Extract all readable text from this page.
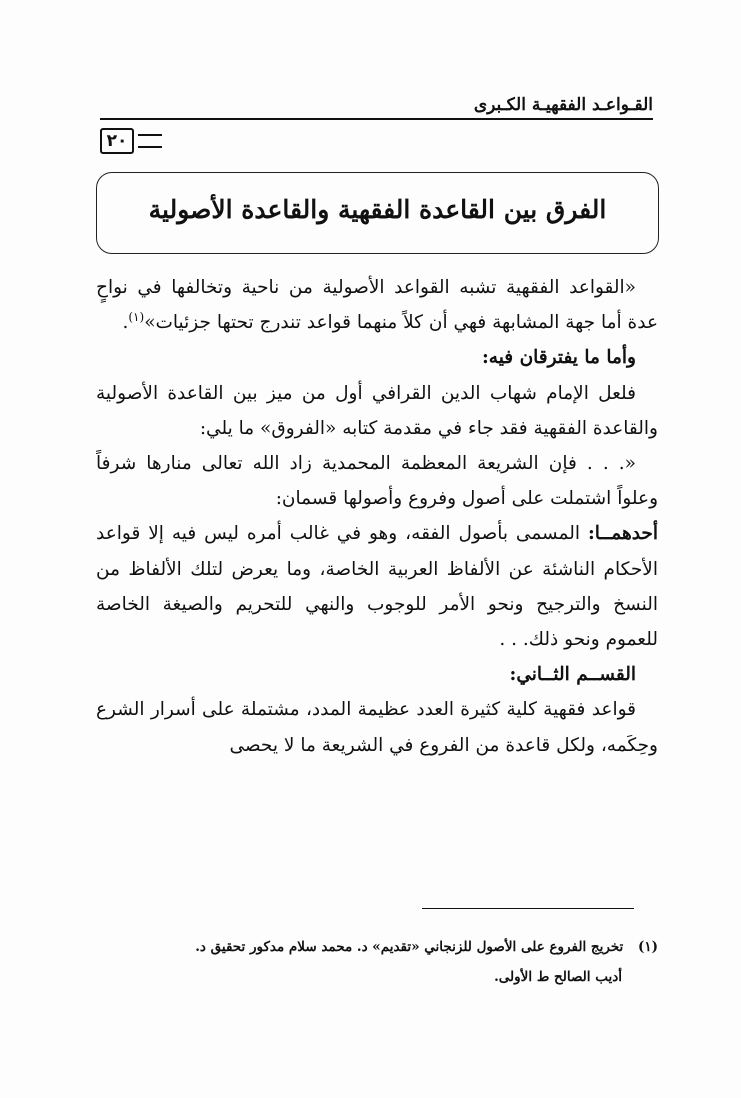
القـواعـد الفقهيـة الكـبرى
٢٠
الفرق بين القاعدة الفقهية والقاعدة الأصولية

«القواعد الفقهية تشبه القواعد الأصولية من ناحية وتخالفها في نواحٍ عدة أما جهة المشابهة فهي أن كلاً منهما قواعد تندرج تحتها جزئيات»$^{(١)}$.

وأما ما يفترقان فيه:

فلعل الإمام شهاب الدين القرافي أول من ميز بين القاعدة الأصولية والقاعدة الفقهية فقد جاء في مقدمة كتابه «الفروق» ما يلي:

«. . . فإن الشريعة المعظمة المحمدية زاد الله تعالى منارها شرفاً وعلواً اشتملت على أصول وفروع وأصولها قسمان:

أحدهمــا: المسمى بأصول الفقه، وهو في غالب أمره ليس فيه إلا قواعد الأحكام الناشئة عن الألفاظ العربية الخاصة، وما يعرض لتلك الألفاظ من النسخ والترجيح ونحو الأمر للوجوب والنهي للتحريم والصيغة الخاصة للعموم ونحو ذلك. . .

القســم الثــاني:

قواعد فقهية كلية كثيرة العدد عظيمة المدد، مشتملة على أسرار الشرع وحِكَمه، ولكل قاعدة من الفروع في الشريعة ما لا يحصى

(١) تخريج الفروع على الأصول للزنجاني «تقديم» د. محمد سلام مدكور تحقيق د.
أديب الصالح ط الأولى.
